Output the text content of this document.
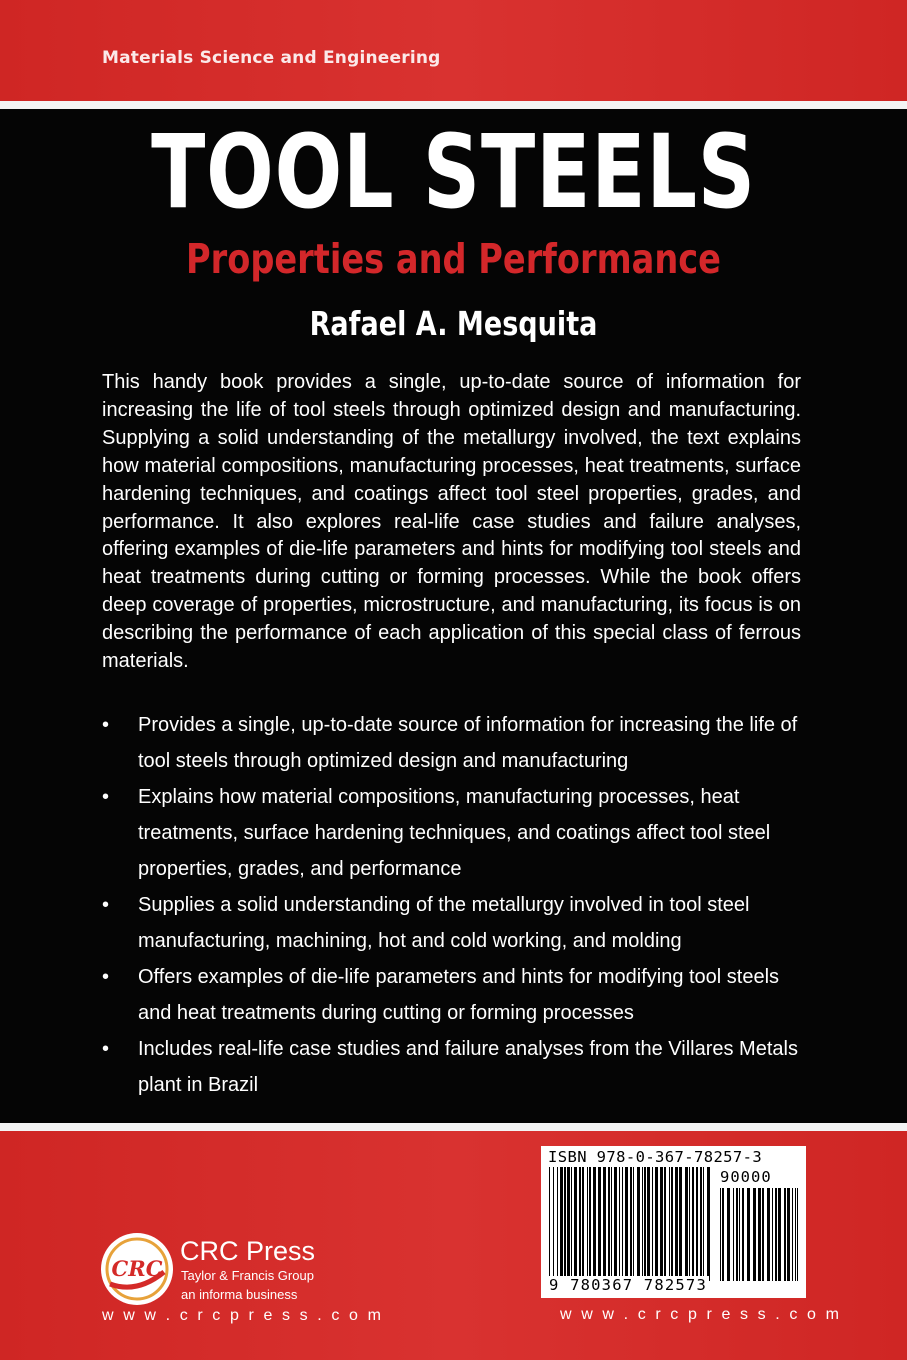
Materials Science and Engineering
TOOL STEELS
Properties and Performance
Rafael A. Mesquita

This handy book provides a single, up-to-date source of information for increasing the life of tool steels through optimized design and manufacturing. Supplying a solid understanding of the metallurgy involved, the text explains how material compositions, manufacturing processes, heat treatments, surface hardening techniques, and coatings affect tool steel properties, grades, and performance. It also explores real-life case studies and failure analyses, offering examples of die-life parameters and hints for modifying tool steels and heat treatments during cutting or forming processes. While the book offers deep coverage of properties, microstructure, and manufacturing, its focus is on describing the performance of each application of this special class of ferrous materials.

• Provides a single, up-to-date source of information for increasing the life of tool steels through optimized design and manufacturing
• Explains how material compositions, manufacturing processes, heat treatments, surface hardening techniques, and coatings affect tool steel properties, grades, and performance
• Supplies a solid understanding of the metallurgy involved in tool steel manufacturing, machining, hot and cold working, and molding
• Offers examples of die-life parameters and hints for modifying tool steels and heat treatments during cutting or forming processes
• Includes real-life case studies and failure analyses from the Villares Metals plant in Brazil
CRC
CRC Press
Taylor & Francis Group
an informa business
w w w . c r c p r e s s . c o m
ISBN 978-0-367-78257-3
90000
9 780367 782573
w w w . c r c p r e s s . c o m
